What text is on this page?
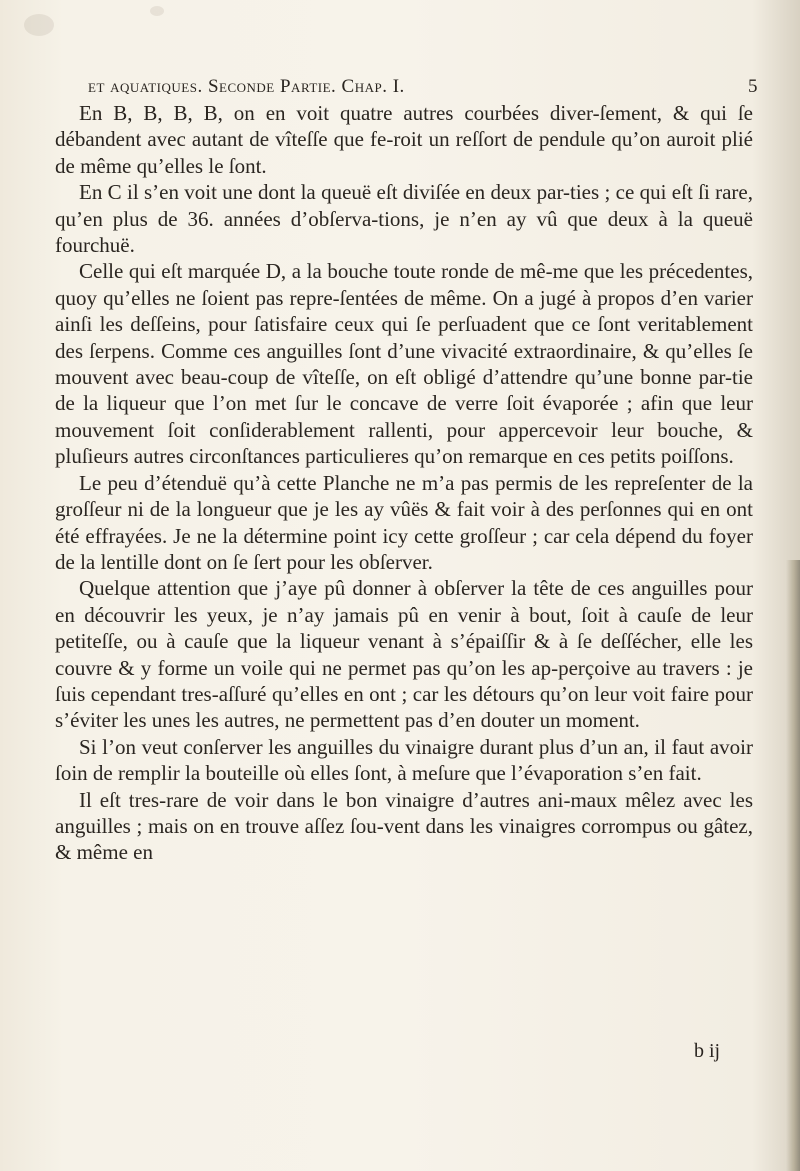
et aquatiques. Seconde Partie. Chap. I.	5

En B, B, B, B, on en voit quatre autres courbées diver-ſement, & qui ſe débandent avec autant de vîteſſe que fe-roit un reſſort de pendule qu’on auroit plié de même qu’elles le ſont.

En C il s’en voit une dont la queuë eſt diviſée en deux par-ties ; ce qui eſt ſi rare, qu’en plus de 36. années d’obſerva-tions, je n’en ay vû que deux à la queuë fourchuë.

Celle qui eſt marquée D, a la bouche toute ronde de mê-me que les précedentes, quoy qu’elles ne ſoient pas repre-ſentées de même. On a jugé à propos d’en varier ainſi les deſſeins, pour ſatisfaire ceux qui ſe perſuadent que ce ſont veritablement des ſerpens. Comme ces anguilles ſont d’une vivacité extraordinaire, & qu’elles ſe mouvent avec beau-coup de vîteſſe, on eſt obligé d’attendre qu’une bonne par-tie de la liqueur que l’on met ſur le concave de verre ſoit évaporée ; afin que leur mouvement ſoit conſiderablement rallenti, pour appercevoir leur bouche, & pluſieurs autres circonſtances particulieres qu’on remarque en ces petits poiſſons.

Le peu d’étenduë qu’à cette Planche ne m’a pas permis de les repreſenter de la groſſeur ni de la longueur que je les ay vûës & fait voir à des perſonnes qui en ont été effrayées. Je ne la détermine point icy cette groſſeur ; car cela dépend du foyer de la lentille dont on ſe ſert pour les obſerver.

Quelque attention que j’aye pû donner à obſerver la tête de ces anguilles pour en découvrir les yeux, je n’ay jamais pû en venir à bout, ſoit à cauſe de leur petiteſſe, ou à cauſe que la liqueur venant à s’épaiſſir & à ſe deſſécher, elle les couvre & y forme un voile qui ne permet pas qu’on les ap-perçoive au travers : je ſuis cependant tres-aſſuré qu’elles en ont ; car les détours qu’on leur voit faire pour s’éviter les unes les autres, ne permettent pas d’en douter un moment.

Si l’on veut conſerver les anguilles du vinaigre durant plus d’un an, il faut avoir ſoin de remplir la bouteille où elles ſont, à meſure que l’évaporation s’en fait.

Il eſt tres-rare de voir dans le bon vinaigre d’autres ani-maux mêlez avec les anguilles ; mais on en trouve aſſez ſou-vent dans les vinaigres corrompus ou gâtez, & même en

b ij
